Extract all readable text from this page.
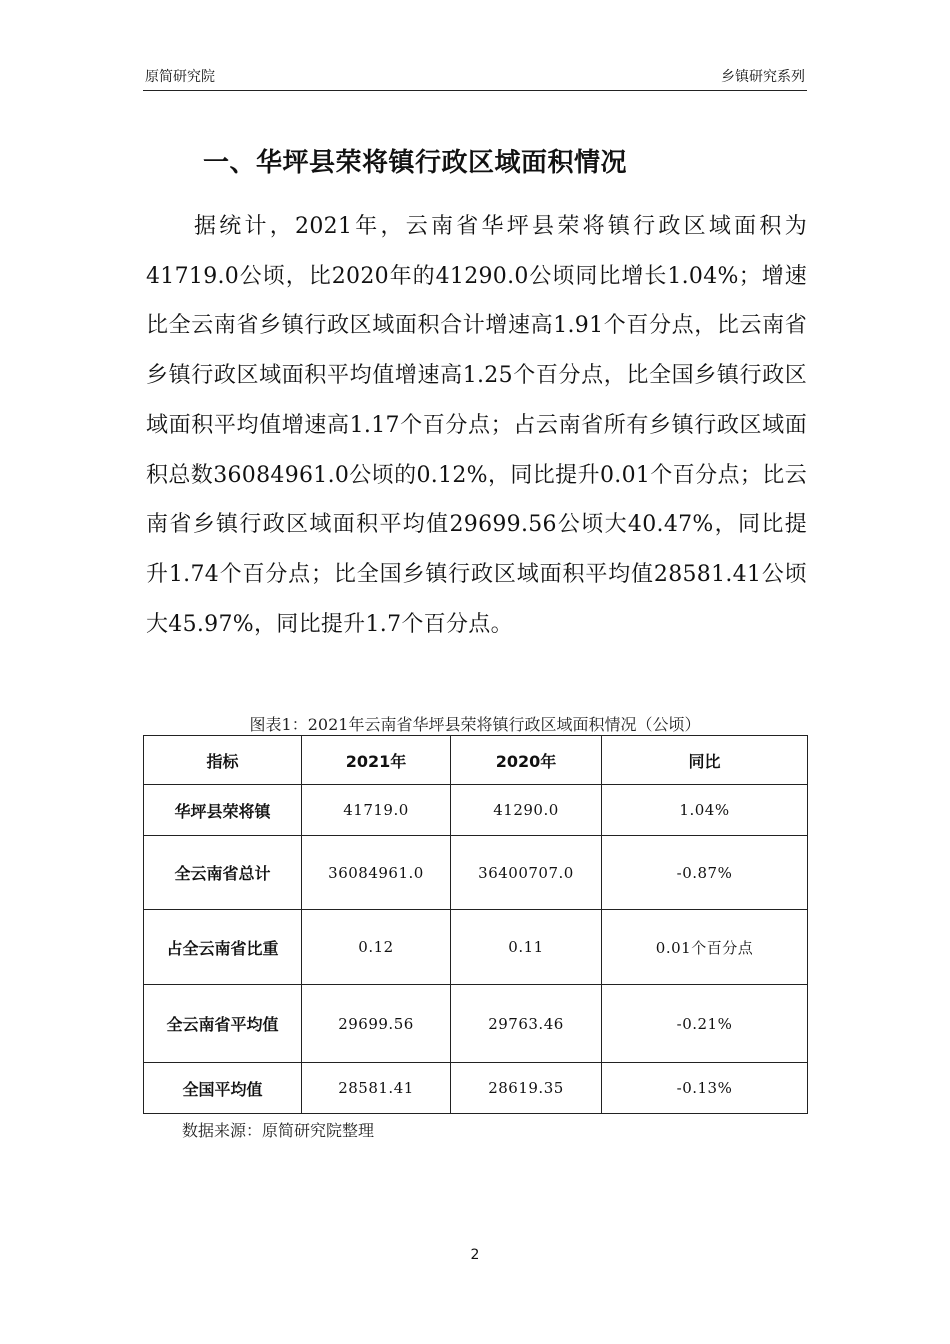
原简研究院	乡镇研究系列
一、华坪县荣将镇行政区域面积情况
据统计，2021年，云南省华坪县荣将镇行政区域面积为41719.0公顷，比2020年的41290.0公顷同比增长1.04%；增速比全云南省乡镇行政区域面积合计增速高1.91个百分点，比云南省乡镇行政区域面积平均值增速高1.25个百分点，比全国乡镇行政区域面积平均值增速高1.17个百分点；占云南省所有乡镇行政区域面积总数36084961.0公顷的0.12%，同比提升0.01个百分点；比云南省乡镇行政区域面积平均值29699.56公顷大40.47%，同比提升1.74个百分点；比全国乡镇行政区域面积平均值28581.41公顷大45.97%，同比提升1.7个百分点。
图表1：2021年云南省华坪县荣将镇行政区域面积情况（公顷）
指标	2021年	2020年	同比
华坪县荣将镇	41719.0	41290.0	1.04%
全云南省总计	36084961.0	36400707.0	-0.87%
占全云南省比重	0.12	0.11	0.01个百分点
全云南省平均值	29699.56	29763.46	-0.21%
全国平均值	28581.41	28619.35	-0.13%
数据来源：原简研究院整理
2
